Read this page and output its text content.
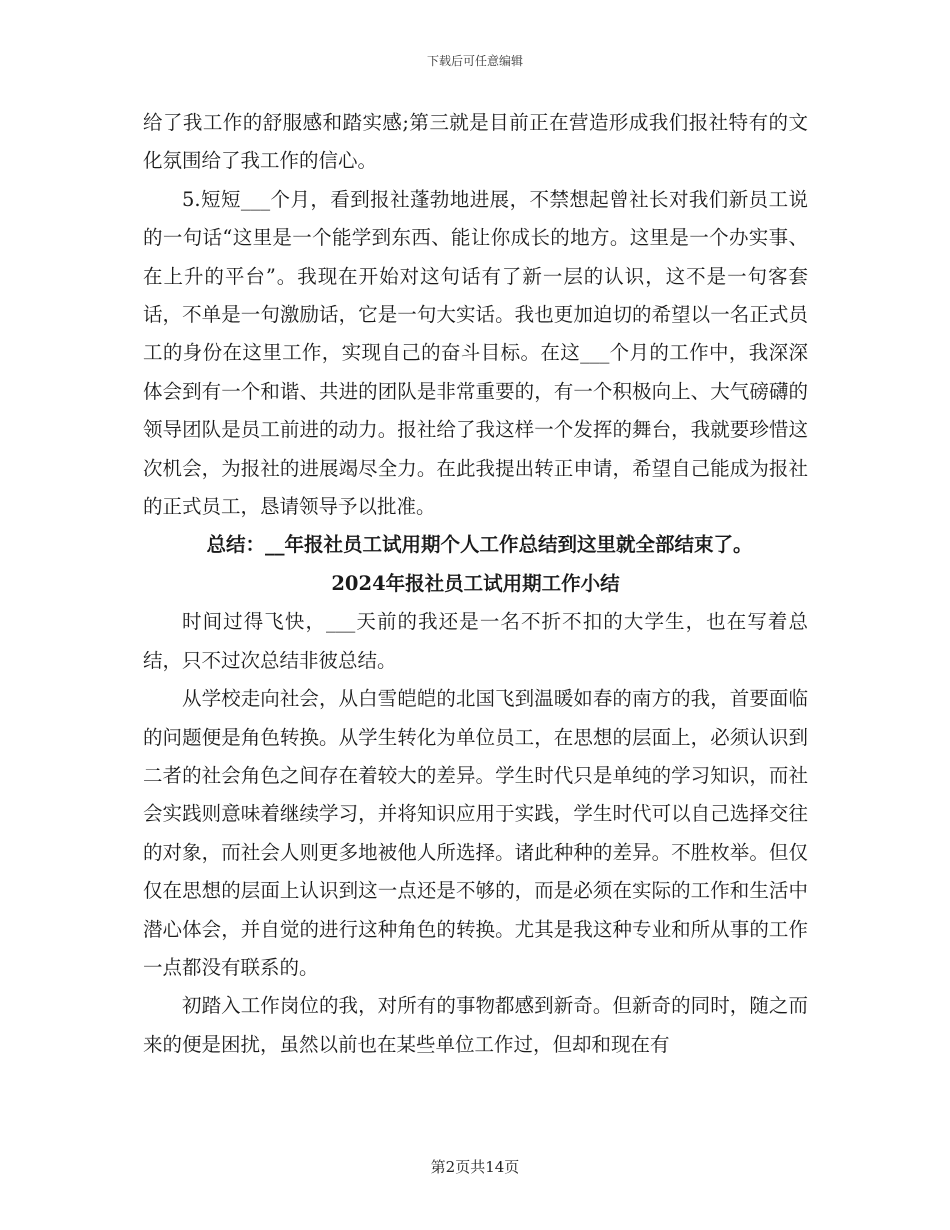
下载后可任意编辑

给了我工作的舒服感和踏实感;第三就是目前正在营造形成我们报社特有的文化氛围给了我工作的信心。

5.短短___个月，看到报社蓬勃地进展，不禁想起曾社长对我们新员工说的一句话“这里是一个能学到东西、能让你成长的地方。这里是一个办实事、在上升的平台”。我现在开始对这句话有了新一层的认识，这不是一句客套话，不单是一句激励话，它是一句大实话。我也更加迫切的希望以一名正式员工的身份在这里工作，实现自己的奋斗目标。在这___个月的工作中，我深深体会到有一个和谐、共进的团队是非常重要的，有一个积极向上、大气磅礴的领导团队是员工前进的动力。报社给了我这样一个发挥的舞台，我就要珍惜这次机会，为报社的进展竭尽全力。在此我提出转正申请，希望自己能成为报社的正式员工，恳请领导予以批准。

总结：__年报社员工试用期个人工作总结到这里就全部结束了。

2024年报社员工试用期工作小结

时间过得飞快，___天前的我还是一名不折不扣的大学生，也在写着总结，只不过次总结非彼总结。

从学校走向社会，从白雪皑皑的北国飞到温暖如春的南方的我，首要面临的问题便是角色转换。从学生转化为单位员工，在思想的层面上，必须认识到二者的社会角色之间存在着较大的差异。学生时代只是单纯的学习知识，而社会实践则意味着继续学习，并将知识应用于实践，学生时代可以自己选择交往的对象，而社会人则更多地被他人所选择。诸此种种的差异。不胜枚举。但仅仅在思想的层面上认识到这一点还是不够的，而是必须在实际的工作和生活中潜心体会，并自觉的进行这种角色的转换。尤其是我这种专业和所从事的工作一点都没有联系的。

初踏入工作岗位的我，对所有的事物都感到新奇。但新奇的同时，随之而来的便是困扰，虽然以前也在某些单位工作过，但却和现在有

第2页共14页
